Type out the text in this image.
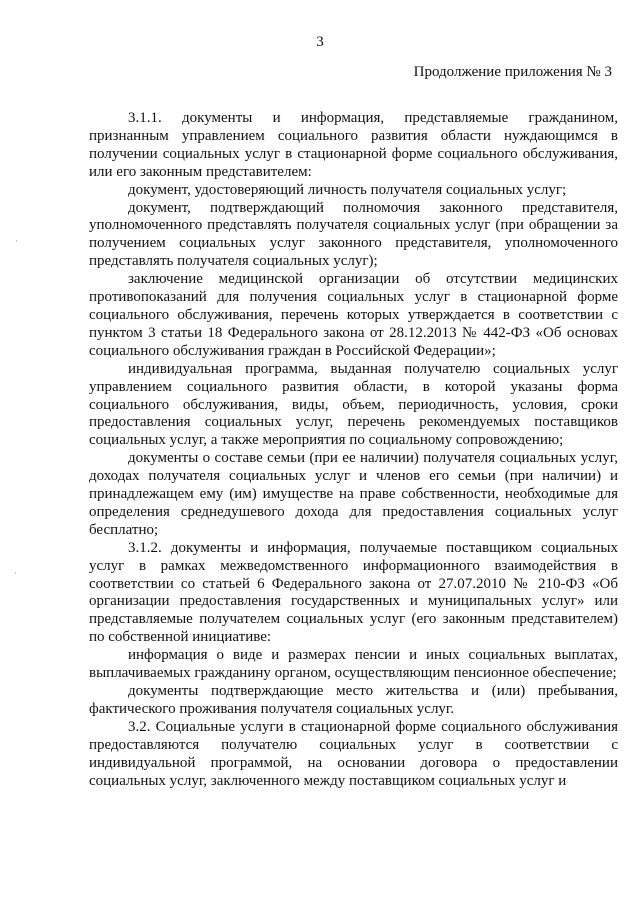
3
Продолжение приложения № 3

3.1.1. документы и информация, представляемые гражданином, признанным управлением социального развития области нуждающимся в получении социальных услуг в стационарной форме социального обслуживания, или его законным представителем:

документ, удостоверяющий личность получателя социальных услуг;

документ, подтверждающий полномочия законного представителя, уполномоченного представлять получателя социальных услуг (при обращении за получением социальных услуг законного представителя, уполномоченного представлять получателя социальных услуг);

заключение медицинской организации об отсутствии медицинских противопоказаний для получения социальных услуг в стационарной форме социального обслуживания, перечень которых утверждается в соответствии с пунктом 3 статьи 18 Федерального закона от 28.12.2013 № 442-ФЗ «Об основах социального обслуживания граждан в Российской Федерации»;

индивидуальная программа, выданная получателю социальных услуг управлением социального развития области, в которой указаны форма социального обслуживания, виды, объем, периодичность, условия, сроки предоставления социальных услуг, перечень рекомендуемых поставщиков социальных услуг, а также мероприятия по социальному сопровождению;

документы о составе семьи (при ее наличии) получателя социальных услуг, доходах получателя социальных услуг и членов его семьи (при наличии) и принадлежащем ему (им) имуществе на праве собственности, необходимые для определения среднедушевого дохода для предоставления социальных услуг бесплатно;

3.1.2. документы и информация, получаемые поставщиком социальных услуг в рамках межведомственного информационного взаимодействия в соответствии со статьей 6 Федерального закона от 27.07.2010 № 210-ФЗ «Об организации предоставления государственных и муниципальных услуг» или представляемые получателем социальных услуг (его законным представителем) по собственной инициативе:

информация о виде и размерах пенсии и иных социальных выплатах, выплачиваемых гражданину органом, осуществляющим пенсионное обеспечение;

документы подтверждающие место жительства и (или) пребывания, фактического проживания получателя социальных услуг.

3.2. Социальные услуги в стационарной форме социального обслуживания предоставляются получателю социальных услуг в соответствии с индивидуальной программой, на основании договора о предоставлении социальных услуг, заключенного между поставщиком социальных услуг и

·
·
